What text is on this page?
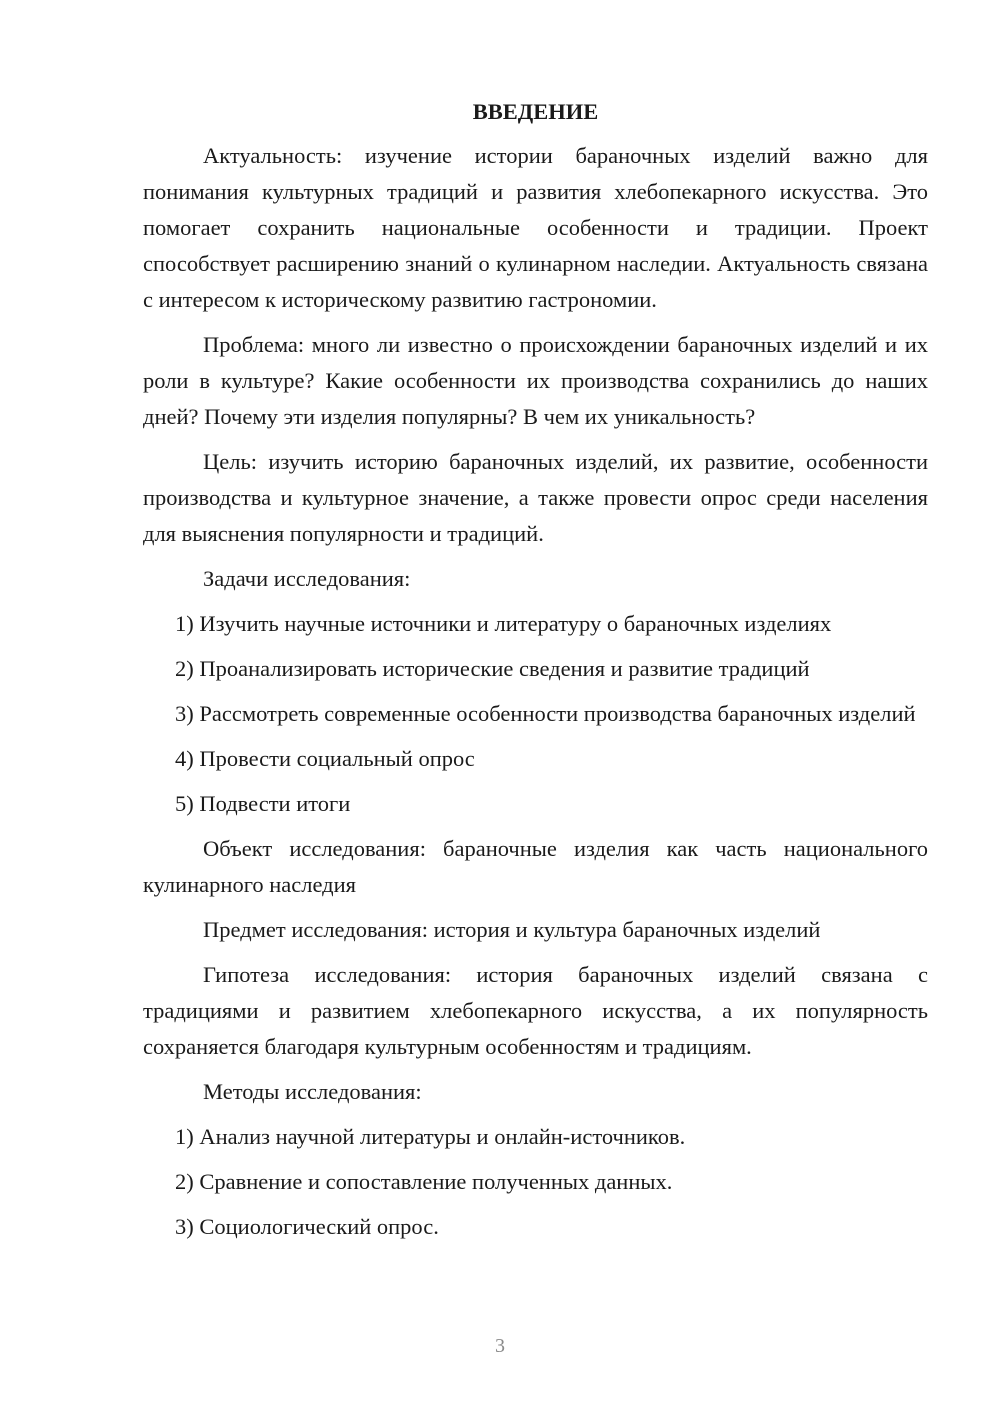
ВВЕДЕНИЕ

Актуальность: изучение истории бараночных изделий важно для понимания культурных традиций и развития хлебопекарного искусства. Это помогает сохранить национальные особенности и традиции. Проект способствует расширению знаний о кулинарном наследии. Актуальность связана с интересом к историческому развитию гастрономии.

Проблема: много ли известно о происхождении бараночных изделий и их роли в культуре? Какие особенности их производства сохранились до наших дней? Почему эти изделия популярны? В чем их уникальность?

Цель: изучить историю бараночных изделий, их развитие, особенности производства и культурное значение, а также провести опрос среди населения для выяснения популярности и традиций.

Задачи исследования:

1) Изучить научные источники и литературу о бараночных изделиях

2) Проанализировать исторические сведения и развитие традиций

3) Рассмотреть современные особенности производства бараночных изделий

4) Провести социальный опрос

5) Подвести итоги

Объект исследования: бараночные изделия как часть национального кулинарного наследия

Предмет исследования: история и культура бараночных изделий

Гипотеза исследования: история бараночных изделий связана с традициями и развитием хлебопекарного искусства, а их популярность сохраняется благодаря культурным особенностям и традициям.

Методы исследования:

1) Анализ научной литературы и онлайн-источников.

2) Сравнение и сопоставление полученных данных.

3) Социологический опрос.

3
